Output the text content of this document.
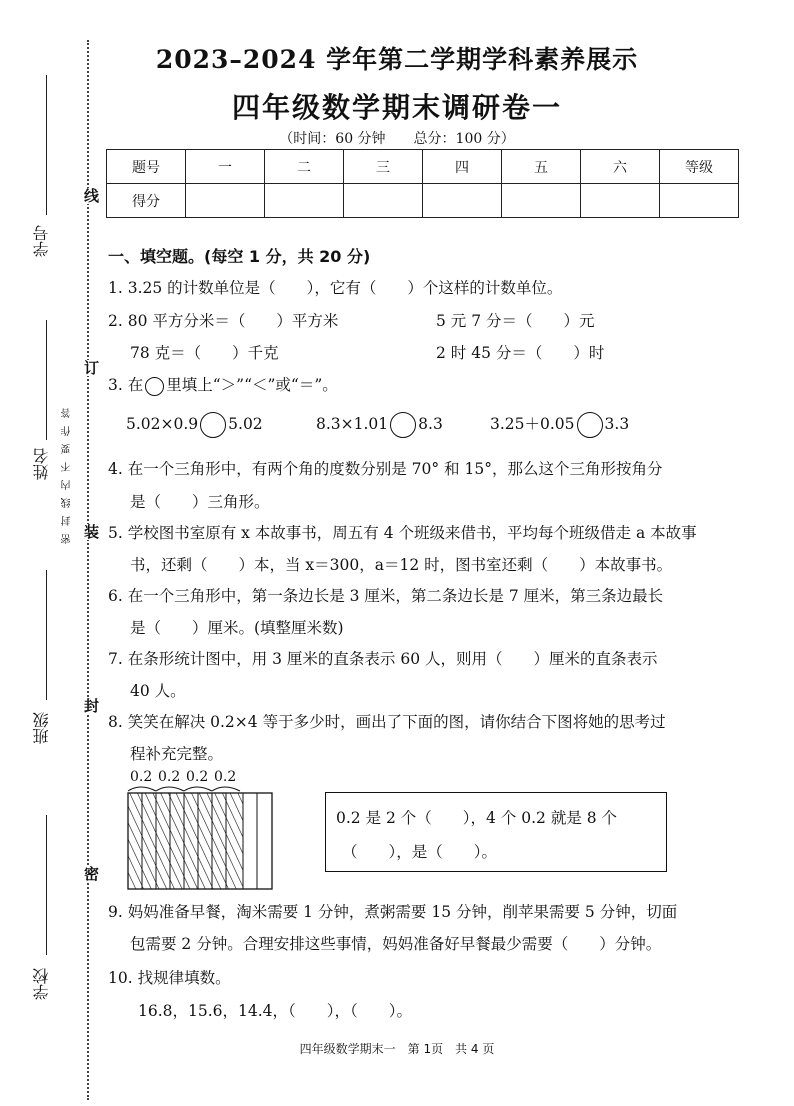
学号
姓名
班级
学校
密封线内不要作答
线
订
装
封
密
2023–2024 学年第二学期学科素养展示
四年级数学期末调研卷一
（时间：60 分钟　　总分：100 分）
题号	一	二	三	四	五	六	等级
得分							
一、填空题。(每空 1 分，共 20 分)
1. 3.25 的计数单位是（　　），它有（　　）个这样的计数单位。
2. 80 平方分米＝（　　）平方米	5 元 7 分＝（　　）元
78 克＝（　　）千克	2 时 45 分＝（　　）时
3. 在 里填上“＞”“＜”或“＝”。
5.02×0.9 5.02	8.3×1.01 8.3	3.25＋0.05 3.3
4. 在一个三角形中，有两个角的度数分别是 70° 和 15°，那么这个三角形按角分
是（　　）三角形。
5. 学校图书室原有 x 本故事书，周五有 4 个班级来借书，平均每个班级借走 a 本故事
书，还剩（　　）本，当 x＝300，a＝12 时，图书室还剩（　　）本故事书。
6. 在一个三角形中，第一条边长是 3 厘米，第二条边长是 7 厘米，第三条边最长
是（　　）厘米。(填整厘米数)
7. 在条形统计图中，用 3 厘米的直条表示 60 人，则用（　　）厘米的直条表示
40 人。
8. 笑笑在解决 0.2×4 等于多少时，画出了下面的图，请你结合下图将她的思考过
程补充完整。
0.2 0.2 0.2 0.2
0.2 是 2 个（　　），4 个 0.2 就是 8 个
（　　），是（　　）。
9. 妈妈准备早餐，淘米需要 1 分钟，煮粥需要 15 分钟，削苹果需要 5 分钟，切面
包需要 2 分钟。合理安排这些事情，妈妈准备好早餐最少需要（　　）分钟。
10. 找规律填数。
16.8，15.6，14.4，（　　），（　　）。
四年级数学期末一　第 1页　共 4 页
